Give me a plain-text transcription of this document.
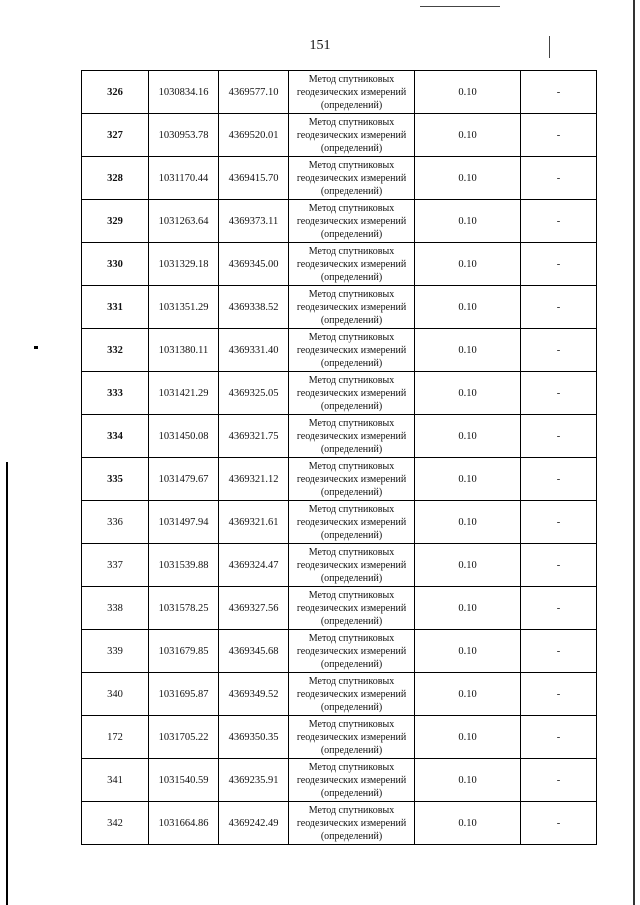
151
326	1030834.16	4369577.10	Метод спутниковых
геодезических измерений
(определений)	0.10	-
327	1030953.78	4369520.01	Метод спутниковых
геодезических измерений
(определений)	0.10	-
328	1031170.44	4369415.70	Метод спутниковых
геодезических измерений
(определений)	0.10	-
329	1031263.64	4369373.11	Метод спутниковых
геодезических измерений
(определений)	0.10	-
330	1031329.18	4369345.00	Метод спутниковых
геодезических измерений
(определений)	0.10	-
331	1031351.29	4369338.52	Метод спутниковых
геодезических измерений
(определений)	0.10	-
332	1031380.11	4369331.40	Метод спутниковых
геодезических измерений
(определений)	0.10	-
333	1031421.29	4369325.05	Метод спутниковых
геодезических измерений
(определений)	0.10	-
334	1031450.08	4369321.75	Метод спутниковых
геодезических измерений
(определений)	0.10	-
335	1031479.67	4369321.12	Метод спутниковых
геодезических измерений
(определений)	0.10	-
336	1031497.94	4369321.61	Метод спутниковых
геодезических измерений
(определений)	0.10	-
337	1031539.88	4369324.47	Метод спутниковых
геодезических измерений
(определений)	0.10	-
338	1031578.25	4369327.56	Метод спутниковых
геодезических измерений
(определений)	0.10	-
339	1031679.85	4369345.68	Метод спутниковых
геодезических измерений
(определений)	0.10	-
340	1031695.87	4369349.52	Метод спутниковых
геодезических измерений
(определений)	0.10	-
172	1031705.22	4369350.35	Метод спутниковых
геодезических измерений
(определений)	0.10	-
341	1031540.59	4369235.91	Метод спутниковых
геодезических измерений
(определений)	0.10	-
342	1031664.86	4369242.49	Метод спутниковых
геодезических измерений
(определений)	0.10	-
